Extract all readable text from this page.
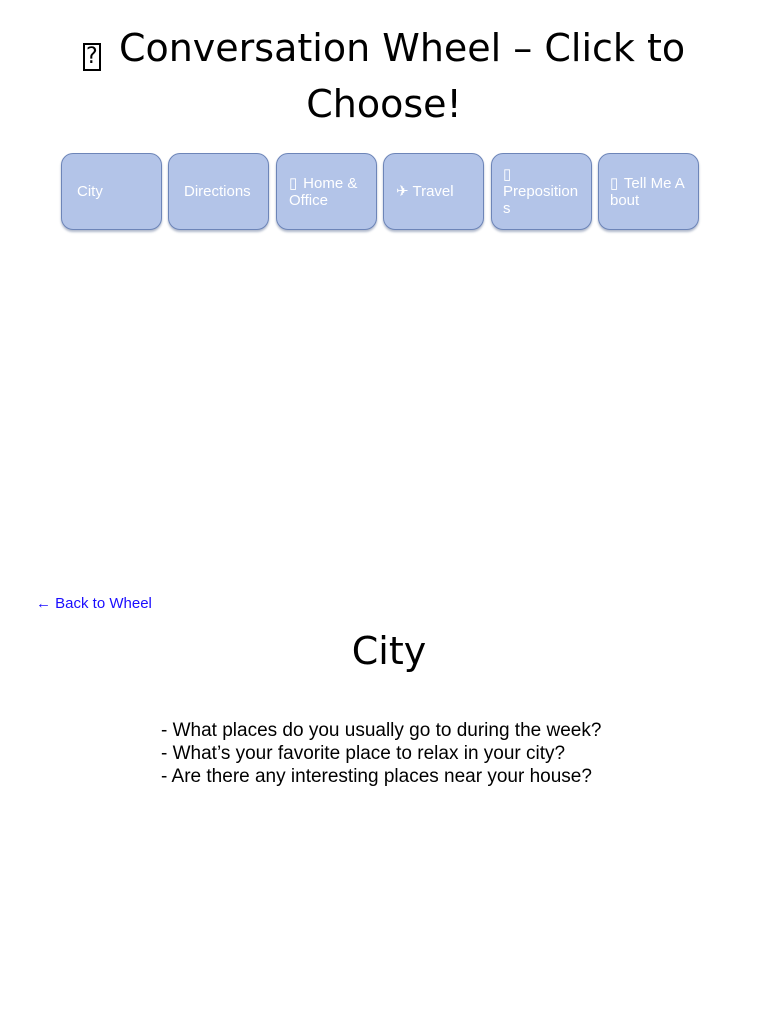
? Conversation Wheel – Click to Choose!
City	Directions	▯ Home & Office	✈ Travel
▯
Prepositions
▯ Tell Me About
← Back to Wheel
City
- What places do you usually go to during the week?
- What’s your favorite place to relax in your city?
- Are there any interesting places near your house?
